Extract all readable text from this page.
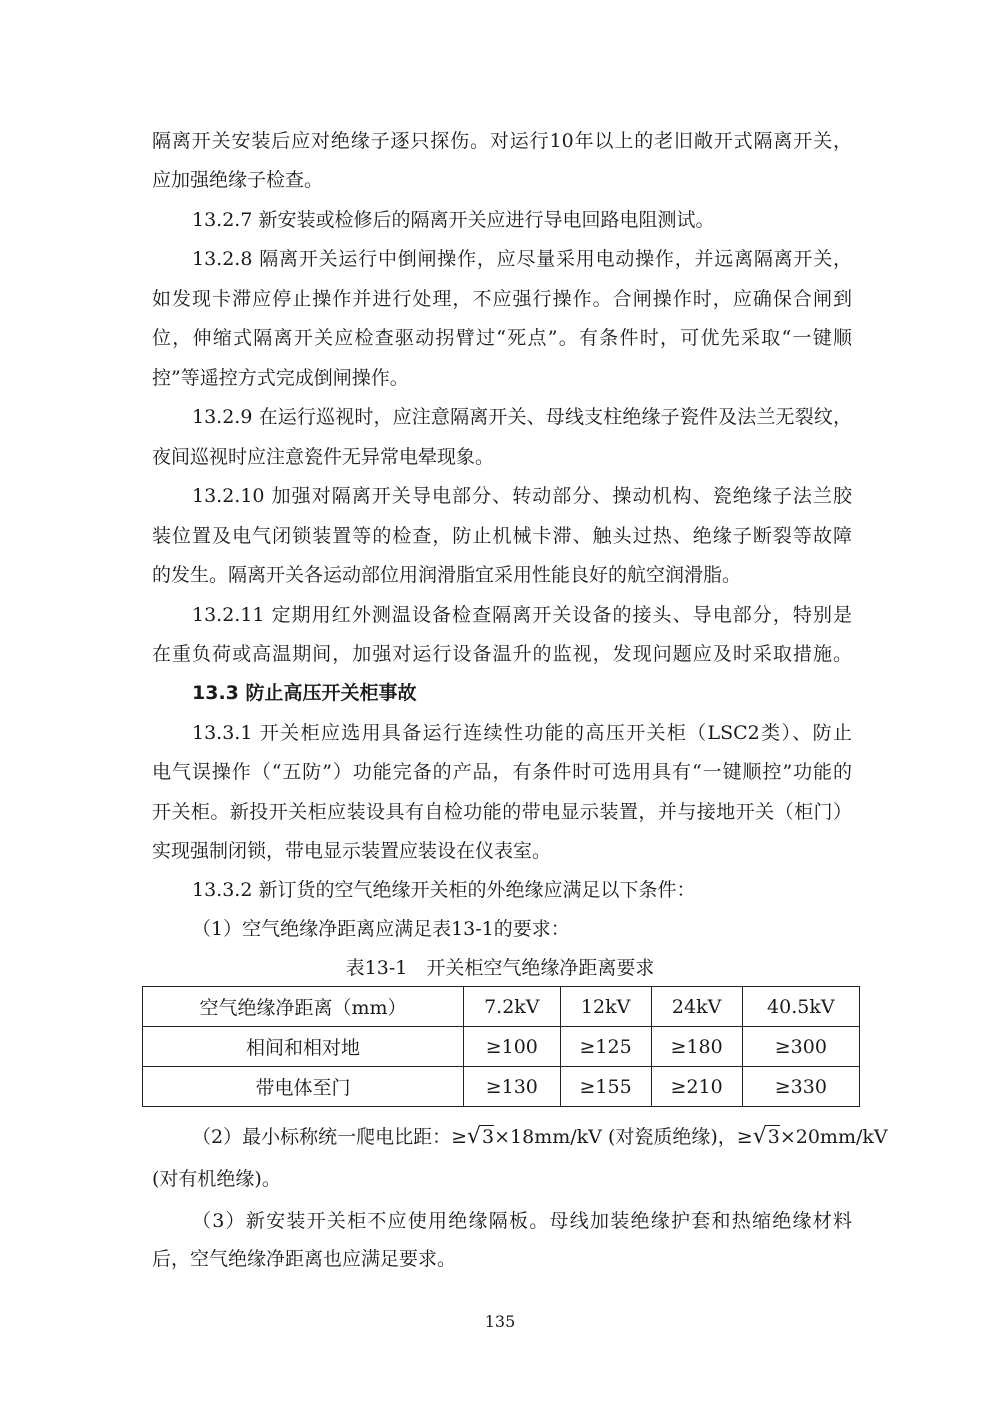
隔离开关安装后应对绝缘子逐只探伤。对运行10年以上的老旧敞开式隔离开关，
应加强绝缘子检查。
13.2.7 新安装或检修后的隔离开关应进行导电回路电阻测试。
13.2.8 隔离开关运行中倒闸操作，应尽量采用电动操作，并远离隔离开关，
如发现卡滞应停止操作并进行处理，不应强行操作。合闸操作时，应确保合闸到
位，伸缩式隔离开关应检查驱动拐臂过“死点”。有条件时，可优先采取“一键顺
控”等遥控方式完成倒闸操作。
13.2.9 在运行巡视时，应注意隔离开关、母线支柱绝缘子瓷件及法兰无裂纹，
夜间巡视时应注意瓷件无异常电晕现象。
13.2.10 加强对隔离开关导电部分、转动部分、操动机构、瓷绝缘子法兰胶
装位置及电气闭锁装置等的检查，防止机械卡滞、触头过热、绝缘子断裂等故障
的发生。隔离开关各运动部位用润滑脂宜采用性能良好的航空润滑脂。
13.2.11 定期用红外测温设备检查隔离开关设备的接头、导电部分，特别是
在重负荷或高温期间，加强对运行设备温升的监视，发现问题应及时采取措施。
13.3 防止高压开关柜事故
13.3.1 开关柜应选用具备运行连续性功能的高压开关柜（LSC2类）、防止
电气误操作（“五防”）功能完备的产品，有条件时可选用具有“一键顺控”功能的
开关柜。新投开关柜应装设具有自检功能的带电显示装置，并与接地开关（柜门）
实现强制闭锁，带电显示装置应装设在仪表室。
13.3.2 新订货的空气绝缘开关柜的外绝缘应满足以下条件：
（1）空气绝缘净距离应满足表13-1的要求：
表13-1　开关柜空气绝缘净距离要求
空气绝缘净距离（mm）	7.2kV	12kV	24kV	40.5kV
相间和相对地	≥100	≥125	≥180	≥300
带电体至门	≥130	≥155	≥210	≥330
（2）最小标称统一爬电比距：≥√3×18mm/kV (对瓷质绝缘)，≥√3×20mm/kV
(对有机绝缘)。
（3）新安装开关柜不应使用绝缘隔板。母线加装绝缘护套和热缩绝缘材料
后，空气绝缘净距离也应满足要求。
135
